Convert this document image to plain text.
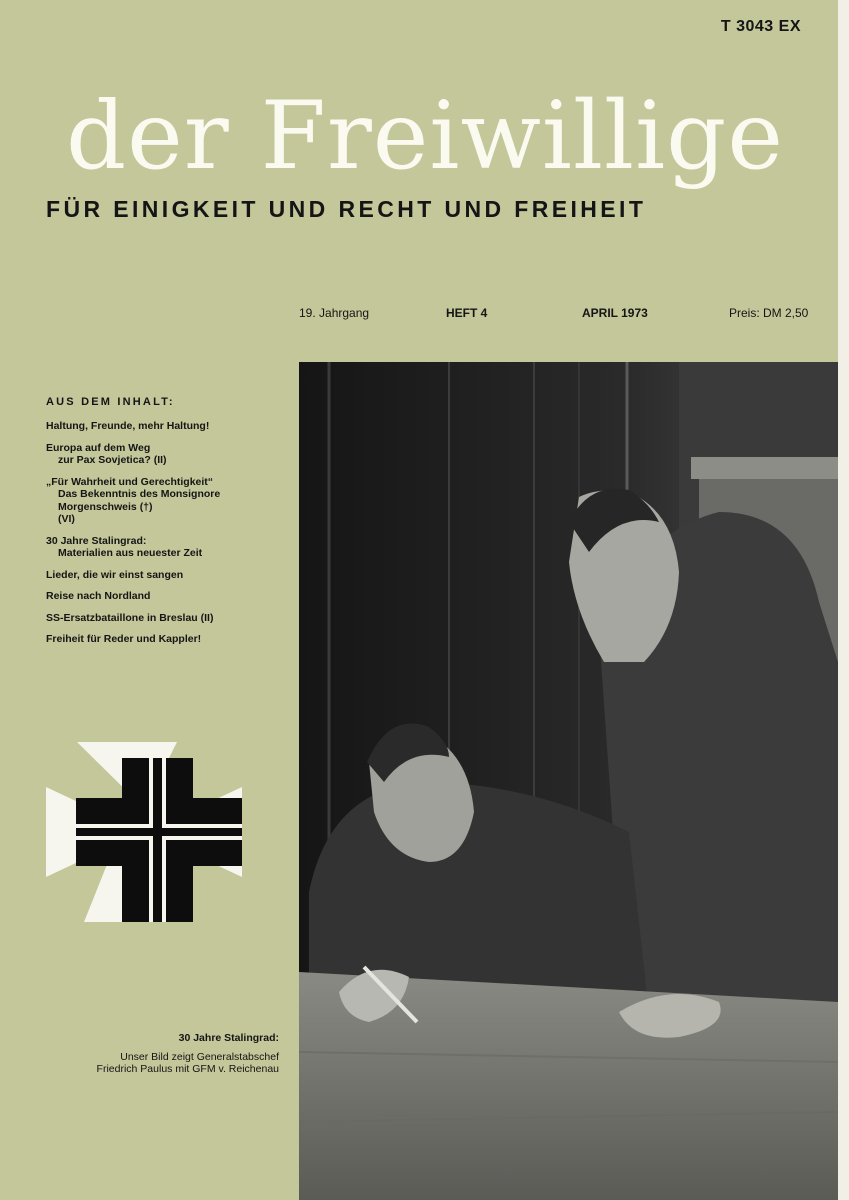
T 3043 EX
der Freiwillige
FÜR EINIGKEIT UND RECHT UND FREIHEIT
19. Jahrgang	HEFT 4	APRIL 1973	Preis: DM 2,50
AUS DEM INHALT:
Haltung, Freunde, mehr Haltung!
Europa auf dem Weg
zur Pax Sovjetica? (II)
„Für Wahrheit und Gerechtigkeit“
Das Bekenntnis des Monsignore
Morgenschweis (†)
(VI)
30 Jahre Stalingrad:
Materialien aus neuester Zeit
Lieder, die wir einst sangen
Reise nach Nordland
SS-Ersatzbataillone in Breslau (II)
Freiheit für Reder und Kappler!
30 Jahre Stalingrad:
Unser Bild zeigt Generalstabschef
Friedrich Paulus mit GFM v. Reichenau
